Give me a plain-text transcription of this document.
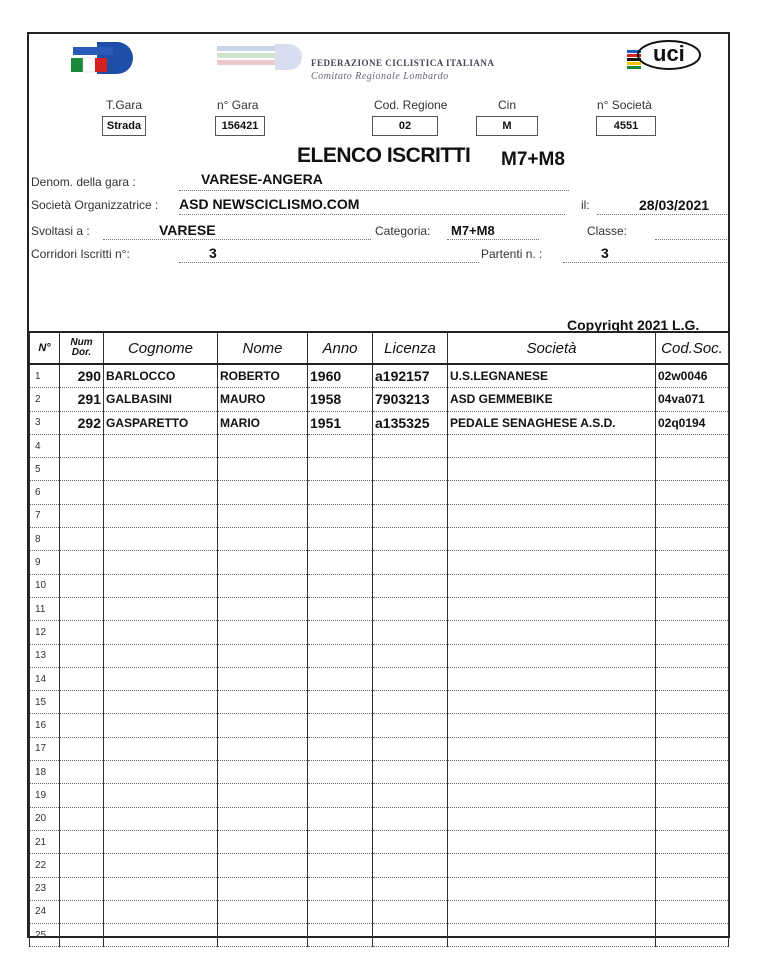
FEDERAZIONE CICLISTICA ITALIANA
Comitato Regionale Lombardo
uci
T.Gara
Strada
n° Gara
156421
Cod. Regione
02
Cin
M
n° Società
4551
ELENCO ISCRITTI M7+M8
Denom. della gara :	VARESE-ANGERA
Società Organizzatrice : ASD NEWSCICLISMO.COM	il:	28/03/2021
Svoltasi a :	VARESE	Categoria: M7+M8	Classe:
Corridori Iscritti n°:	3	Partenti n. :	3
Copyright 2021 L.G.
N°	Num Dor.	Cognome	Nome	Anno	Licenza	Società	Cod.Soc.
1	290	BARLOCCO	ROBERTO	1960	a192157	U.S.LEGNANESE	02w0046
2	291	GALBASINI	MAURO	1958	7903213	ASD GEMMEBIKE	04va071
3	292	GASPARETTO	MARIO	1951	a135325	PEDALE SENAGHESE A.S.D.	02q0194
4							
5							
6							
7							
8							
9							
10							
11							
12							
13							
14							
15							
16							
17							
18							
19							
20							
21							
22							
23							
24							
25							
